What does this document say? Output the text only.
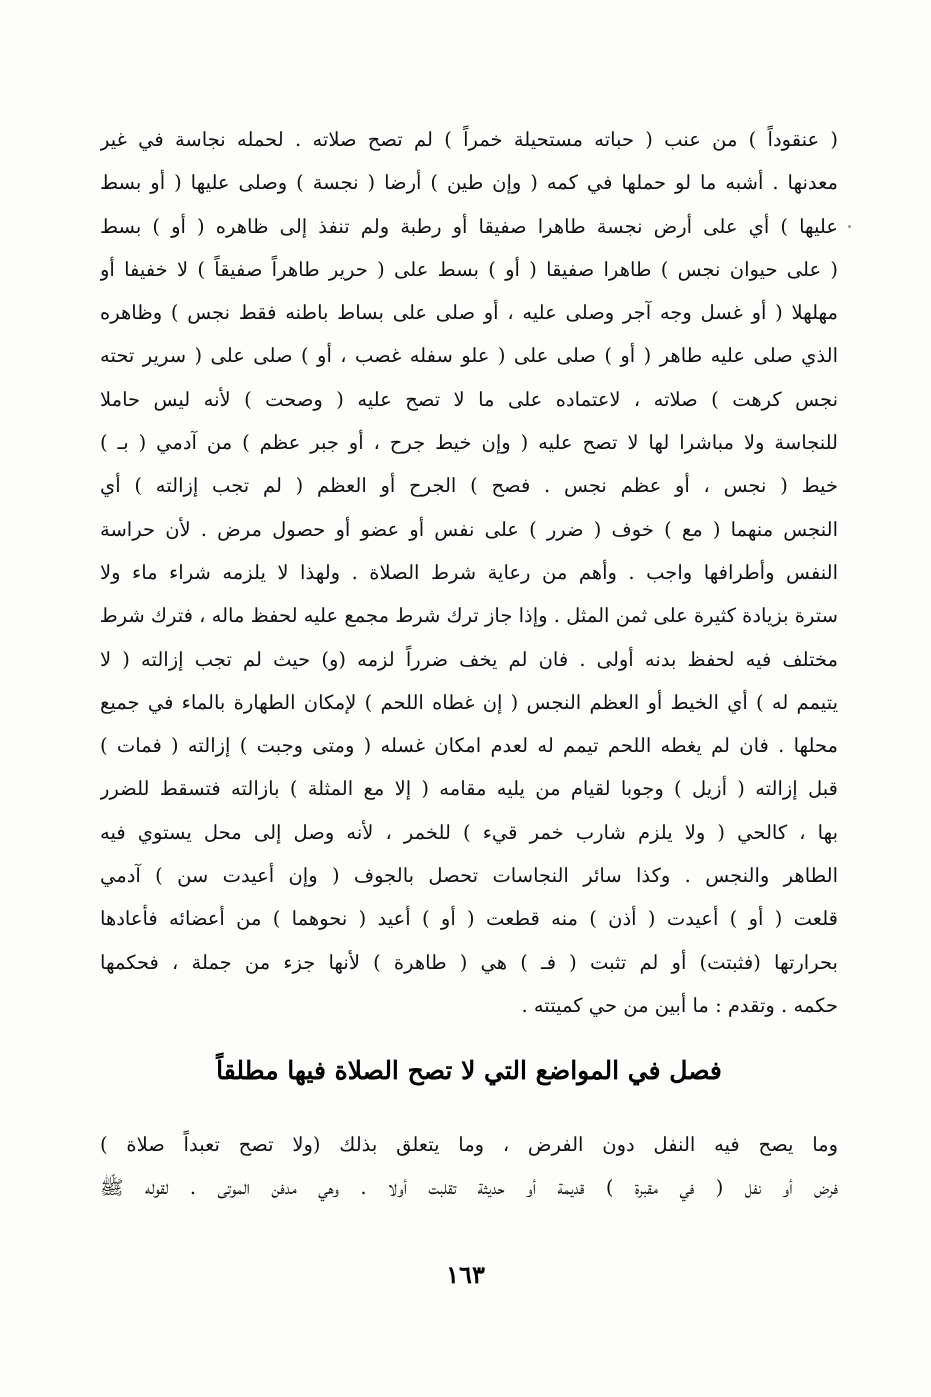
( عنقوداً ) من عنب ( حباته مستحيلة خمراً ) لم تصح صلاته . لحمله نجاسة في غير
معدنها . أشبه ما لو حملها في كمه ( وإن طين ) أرضا ( نجسة ) وصلى عليها ( أو بسط
عليها ) أي على أرض نجسة طاهرا صفيقا أو رطبة ولم تنفذ إلى ظاهره ( أو ) بسط
( على حيوان نجس ) طاهرا صفيقا ( أو ) بسط على ( حرير طاهراً صفيقاً ) لا خفيفا أو
مهلهلا ( أو غسل وجه آجر وصلى عليه ، أو صلى على بساط باطنه فقط نجس ) وظاهره
الذي صلى عليه طاهر ( أو ) صلى على ( علو سفله غصب ، أو ) صلى على ( سرير تحته
نجس كرهت ) صلاته ، لاعتماده على ما لا تصح عليه ( وصحت ) لأنه ليس حاملا
للنجاسة ولا مباشرا لها لا تصح عليه ( وإن خيط جرح ، أو جبر عظم ) من آدمي ( بـ )
خيط ( نجس ، أو عظم نجس . فصح ) الجرح أو العظم ( لم تجب إزالته ) أي
النجس منهما ( مع ) خوف ( ضرر ) على نفس أو عضو أو حصول مرض . لأن حراسة
النفس وأطرافها واجب . وأهم من رعاية شرط الصلاة . ولهذا لا يلزمه شراء ماء ولا
سترة بزيادة كثيرة على ثمن المثل . وإذا جاز ترك شرط مجمع عليه لحفظ ماله ، فترك شرط
مختلف فيه لحفظ بدنه أولى . فان لم يخف ضرراً لزمه (و) حيث لم تجب إزالته ( لا
يتيمم له ) أي الخيط أو العظم النجس ( إن غطاه اللحم ) لإمكان الطهارة بالماء في جميع
محلها . فان لم يغطه اللحم تيمم له لعدم امكان غسله ( ومتى وجبت ) إزالته ( فمات )
قبل إزالته ( أزيل ) وجوبا لقيام من يليه مقامه ( إلا مع المثلة ) بازالته فتسقط للضرر
بها ، كالحي ( ولا يلزم شارب خمر قيء ) للخمر ، لأنه وصل إلى محل يستوي فيه
الطاهر والنجس . وكذا سائر النجاسات تحصل بالجوف ( وإن أعيدت سن ) آدمي
قلعت ( أو ) أعيدت ( أذن ) منه قطعت ( أو ) أعيد ( نحوهما ) من أعضائه فأعادها
بحرارتها (فثبتت) أو لم تثبت ( فـ ) هي ( طاهرة ) لأنها جزء من جملة ، فحكمها
حكمه . وتقدم : ما أبين من حي كميتته .
فصل في المواضع التي لا تصح الصلاة فيها مطلقاً
وما يصح فيه النفل دون الفرض ، وما يتعلق بذلك (ولا تصح تعبداً صلاة )
فرض أو نفل ( في مقبرة ) قديمة أو حديثة تقلبت أولا . وهي مدفن الموتى . لقوله ﷺ
١٦٣
